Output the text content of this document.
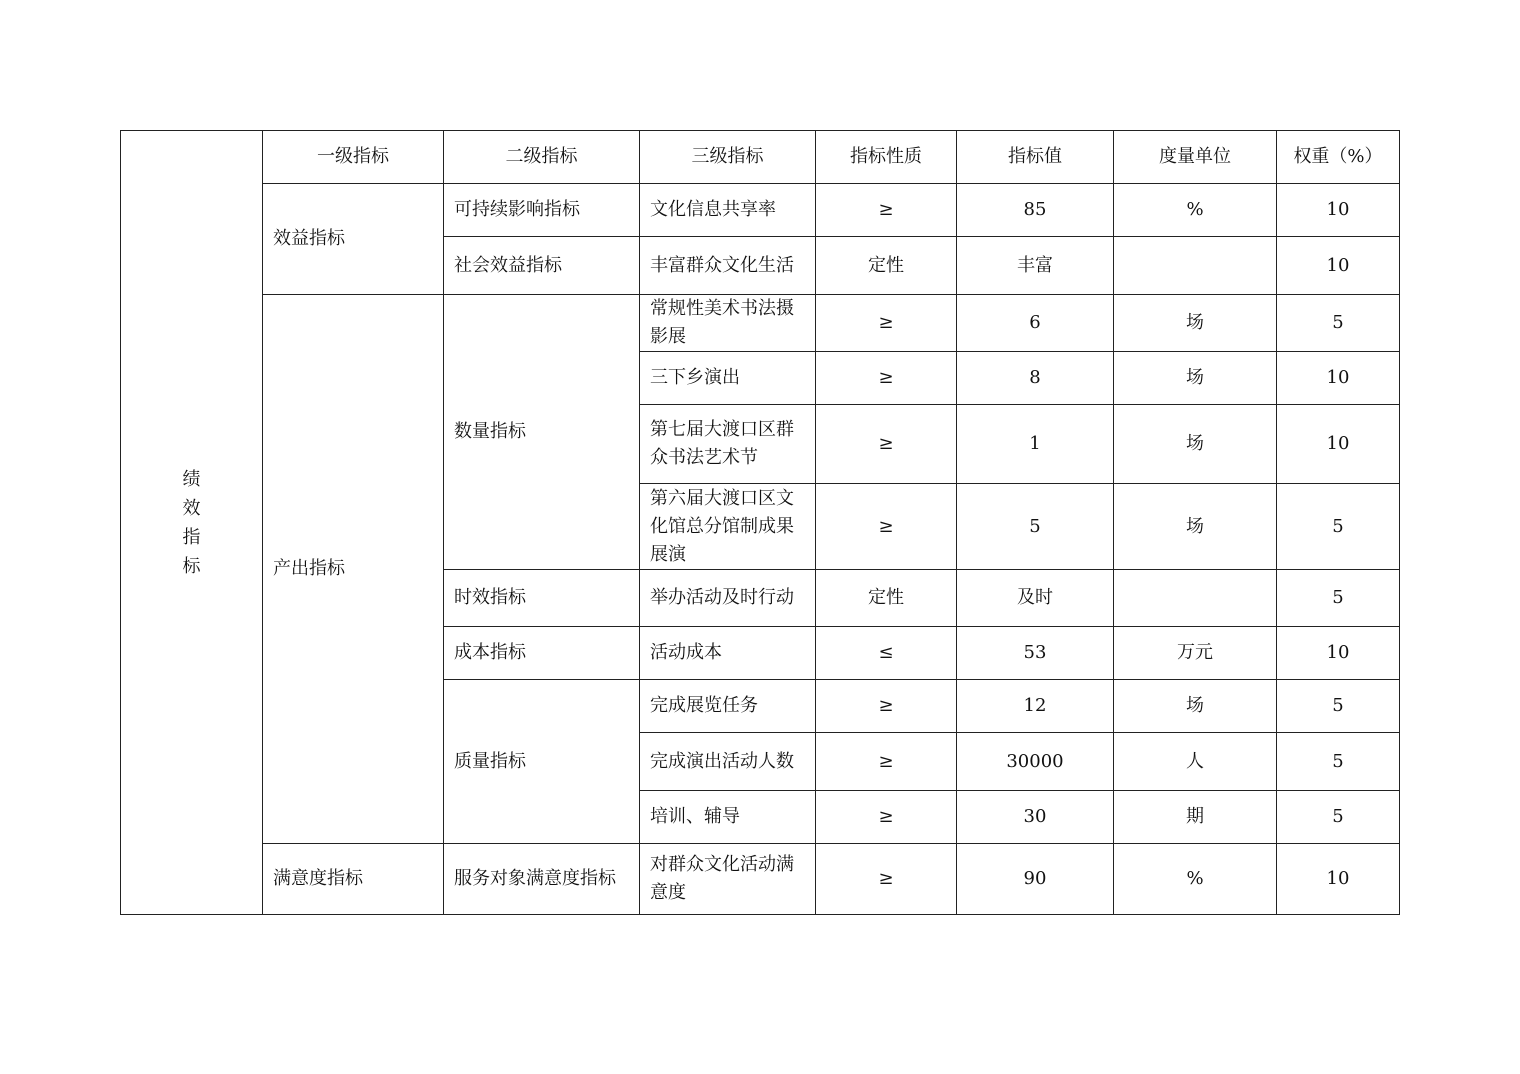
绩
效
指
标	一级指标	二级指标	三级指标	指标性质	指标值	度量单位	权重（%）
	效益指标	可持续影响指标	文化信息共享率	≥	85	%	10
		社会效益指标	丰富群众文化生活	定性	丰富		10
	产出指标	数量指标	常规性美术书法摄影展	≥	6	场	5
			三下乡演出	≥	8	场	10
			第七届大渡口区群众书法艺术节	≥	1	场	10
			第六届大渡口区文化馆总分馆制成果展演	≥	5	场	5
		时效指标	举办活动及时行动	定性	及时		5
		成本指标	活动成本	≤	53	万元	10
		质量指标	完成展览任务	≥	12	场	5
			完成演出活动人数	≥	30000	人	5
			培训、辅导	≥	30	期	5
	满意度指标	服务对象满意度指标	对群众文化活动满意度	≥	90	%	10
